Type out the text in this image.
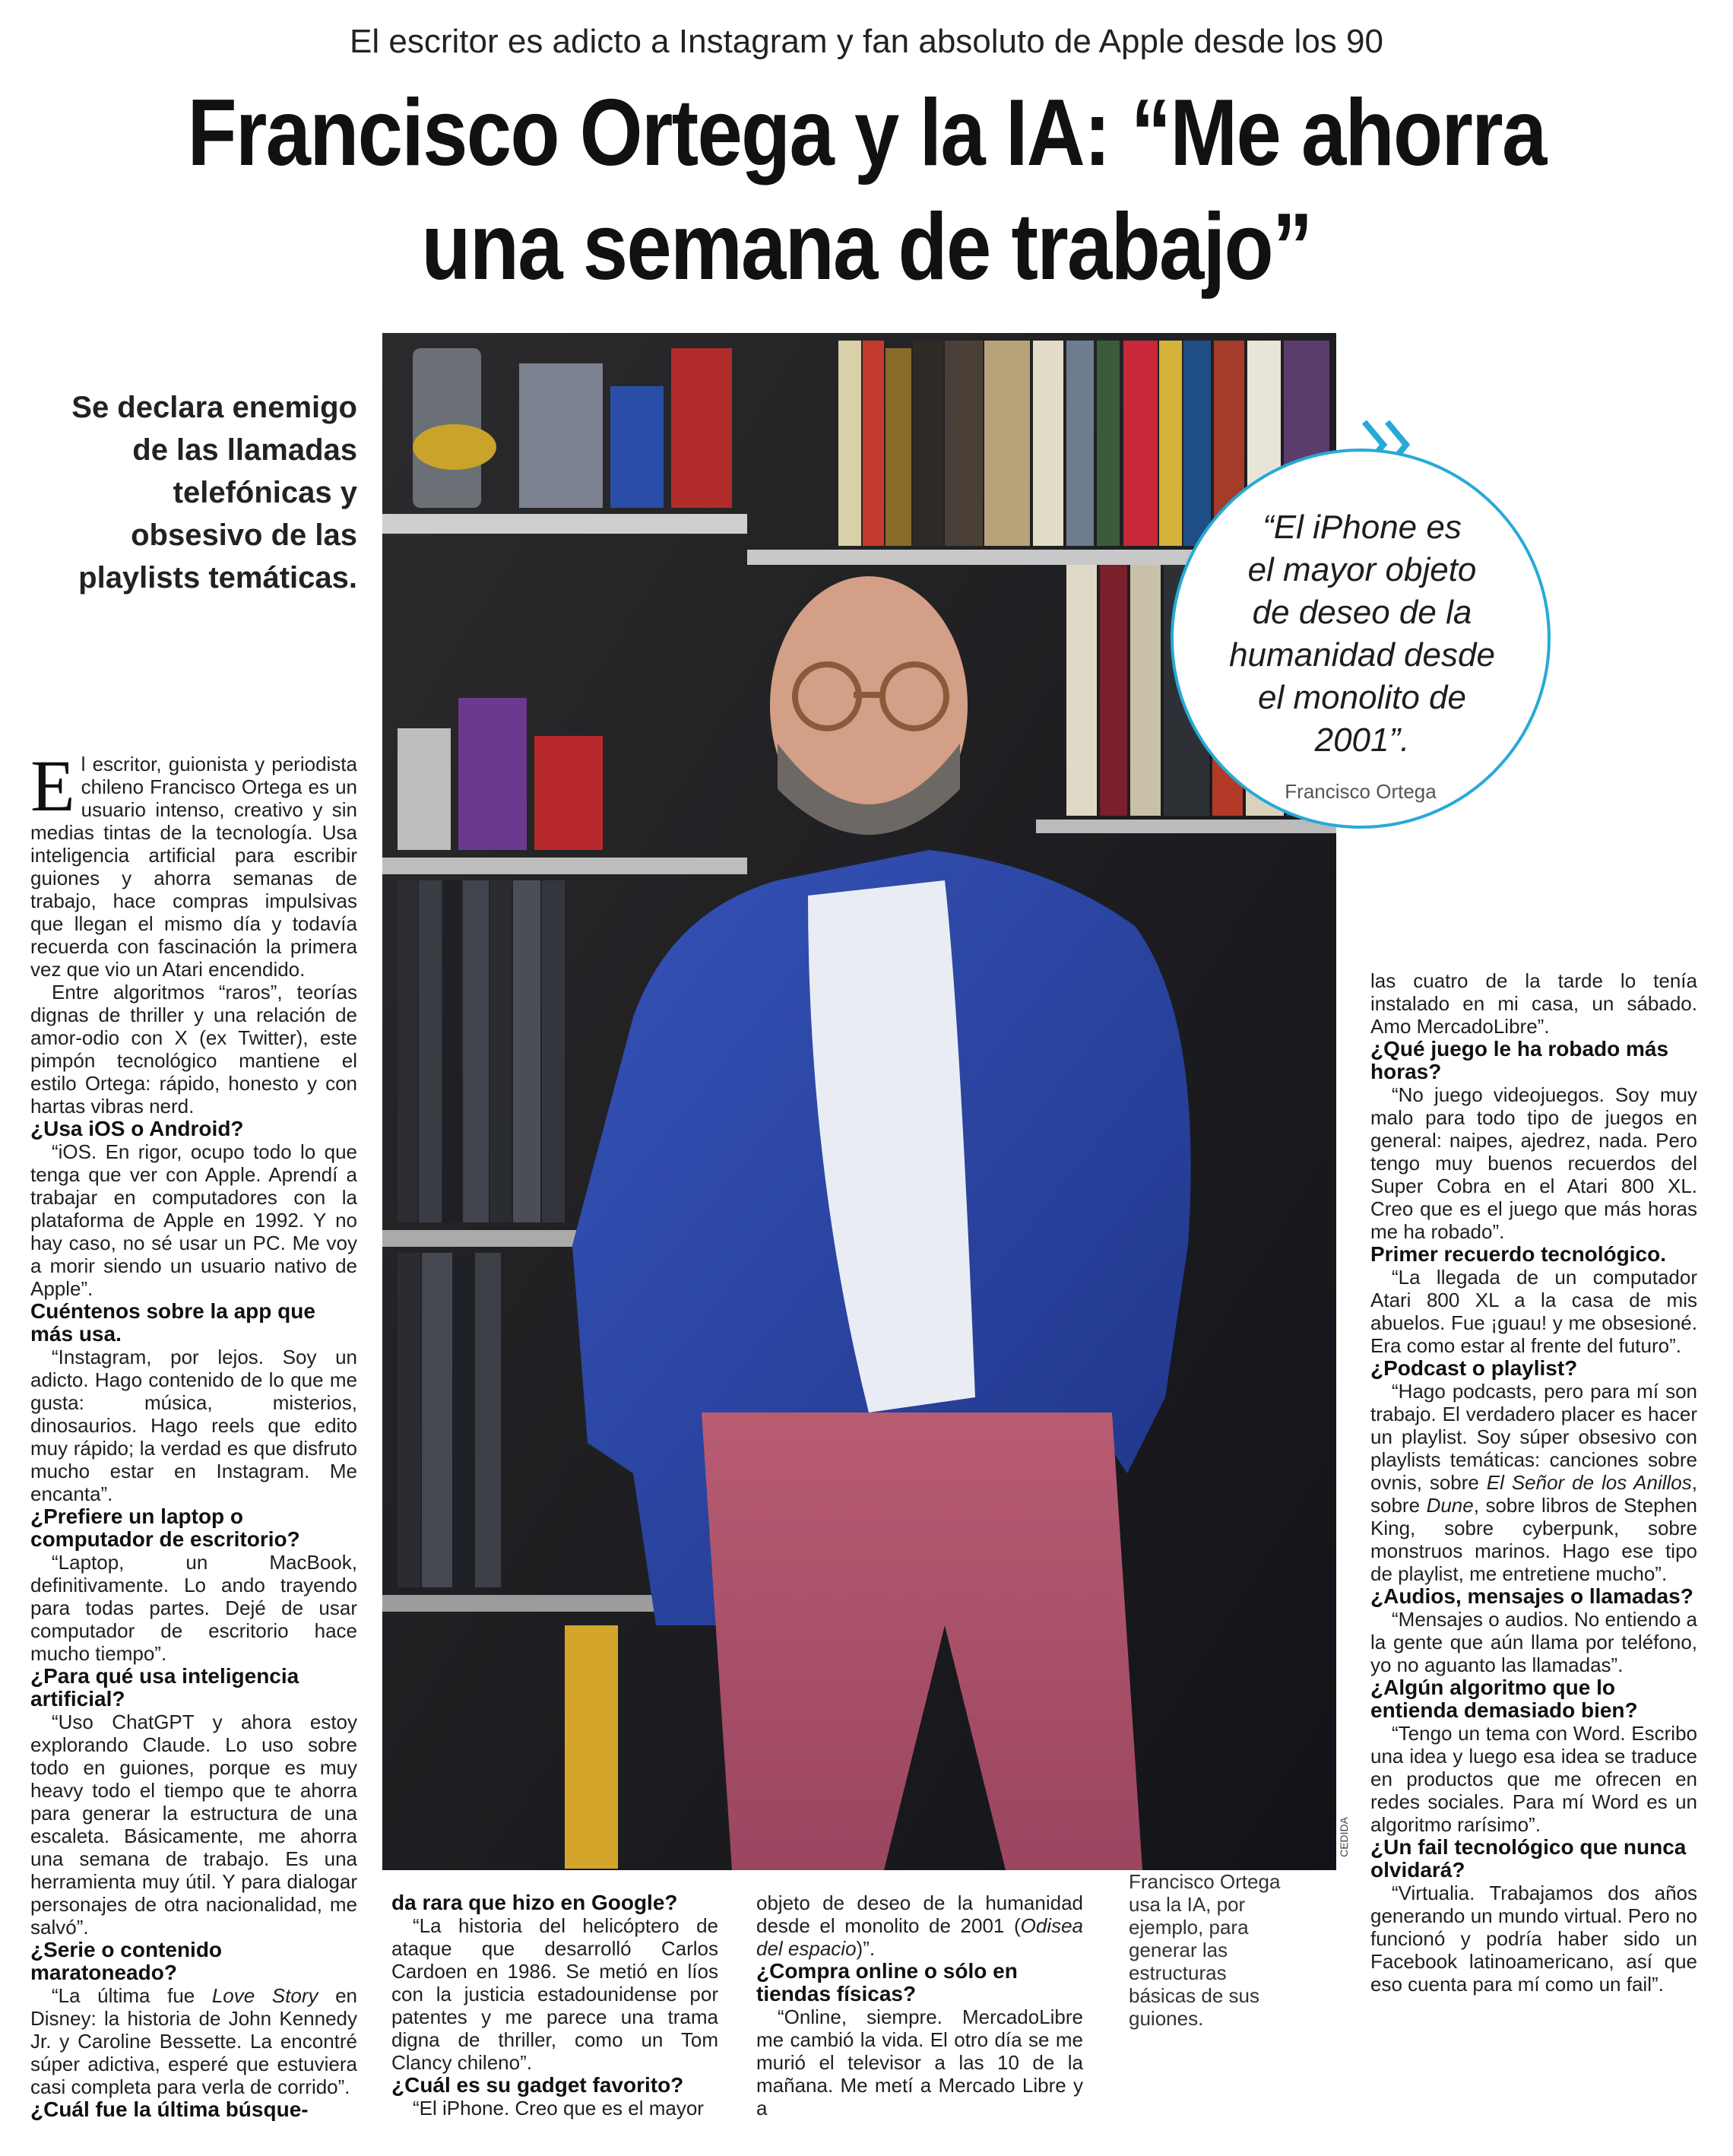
El escritor es adicto a Instagram y fan absoluto de Apple desde los 90
Francisco Ortega y la IA: “Me ahorra
una semana de trabajo”
Se declara enemigo
de las llamadas
telefónicas y
obsesivo de las
playlists temáticas.
CEDIDA
“El iPhone es
el mayor objeto
de deseo de la
humanidad desde
el monolito de
2001”.
Francisco Ortega

El escritor, guionista y periodista chileno Francisco Ortega es un usuario intenso, creativo y sin medias tintas de la tecnología. Usa inteligencia artificial para escribir guiones y ahorra semanas de trabajo, hace compras impulsivas que llegan el mismo día y todavía recuerda con fascinación la primera vez que vio un Atari encendido.

Entre algoritmos “raros”, teorías dignas de thriller y una relación de amor-odio con X (ex Twitter), este pimpón tecnológico mantiene el estilo Ortega: rápido, honesto y con hartas vibras nerd.

¿Usa iOS o Android?

“iOS. En rigor, ocupo todo lo que tenga que ver con Apple. Aprendí a trabajar en computadores con la plataforma de Apple en 1992. Y no hay caso, no sé usar un PC. Me voy a morir siendo un usuario nativo de Apple”.

Cuéntenos sobre la app que más usa.

“Instagram, por lejos. Soy un adicto. Hago contenido de lo que me gusta: música, misterios, dinosaurios. Hago reels que edito muy rápido; la verdad es que disfruto mucho estar en Instagram. Me encanta”.

¿Prefiere un laptop o computador de escritorio?

“Laptop, un MacBook, definitivamente. Lo ando trayendo para todas partes. Dejé de usar computador de escritorio hace mucho tiempo”.

¿Para qué usa inteligencia artificial?

“Uso ChatGPT y ahora estoy explorando Claude. Lo uso sobre todo en guiones, porque es muy heavy todo el tiempo que te ahorra para generar la estructura de una escaleta. Básicamente, me ahorra una semana de trabajo. Es una herramienta muy útil. Y para dialogar personajes de otra nacionalidad, me salvó”.

¿Serie o contenido maratoneado?

“La última fue Love Story en Disney: la historia de John Kennedy Jr. y Caroline Bessette. La encontré súper adictiva, esperé que estuviera casi completa para verla de corrido”.

¿Cuál fue la última búsque-
da rara que hizo en Google?

“La historia del helicóptero de ataque que desarrolló Carlos Cardoen en 1986. Se metió en líos con la justicia estadounidense por patentes y me parece una trama digna de thriller, como un Tom Clancy chileno”.

¿Cuál es su gadget favorito?

“El iPhone. Creo que es el mayor

objeto de deseo de la humanidad desde el monolito de 2001 (Odisea del espacio)”.

¿Compra online o sólo en tiendas físicas?

“Online, siempre. MercadoLibre me cambió la vida. El otro día se me murió el televisor a las 10 de la mañana. Me metí a Mercado Libre y a

Francisco Ortega usa la IA, por ejemplo, para generar las estructuras básicas de sus guiones.

las cuatro de la tarde lo tenía instalado en mi casa, un sábado. Amo MercadoLibre”.

¿Qué juego le ha robado más horas?

“No juego videojuegos. Soy muy malo para todo tipo de juegos en general: naipes, ajedrez, nada. Pero tengo muy buenos recuerdos del Super Cobra en el Atari 800 XL. Creo que es el juego que más horas me ha robado”.

Primer recuerdo tecnológico.

“La llegada de un computador Atari 800 XL a la casa de mis abuelos. Fue ¡guau! y me obsesioné. Era como estar al frente del futuro”.

¿Podcast o playlist?

“Hago podcasts, pero para mí son trabajo. El verdadero placer es hacer un playlist. Soy súper obsesivo con playlists temáticas: canciones sobre ovnis, sobre El Señor de los Anillos, sobre Dune, sobre libros de Stephen King, sobre cyberpunk, sobre monstruos marinos. Hago ese tipo de playlist, me entretiene mucho”.

¿Audios, mensajes o llamadas?

“Mensajes o audios. No entiendo a la gente que aún llama por teléfono, yo no aguanto las llamadas”.

¿Algún algoritmo que lo entienda demasiado bien?

“Tengo un tema con Word. Escribo una idea y luego esa idea se traduce en productos que me ofrecen en redes sociales. Para mí Word es un algoritmo rarísimo”.

¿Un fail tecnológico que nunca olvidará?

“Virtualia. Trabajamos dos años generando un mundo virtual. Pero no funcionó y podría haber sido un Facebook latinoamericano, así que eso cuenta para mí como un fail”.
